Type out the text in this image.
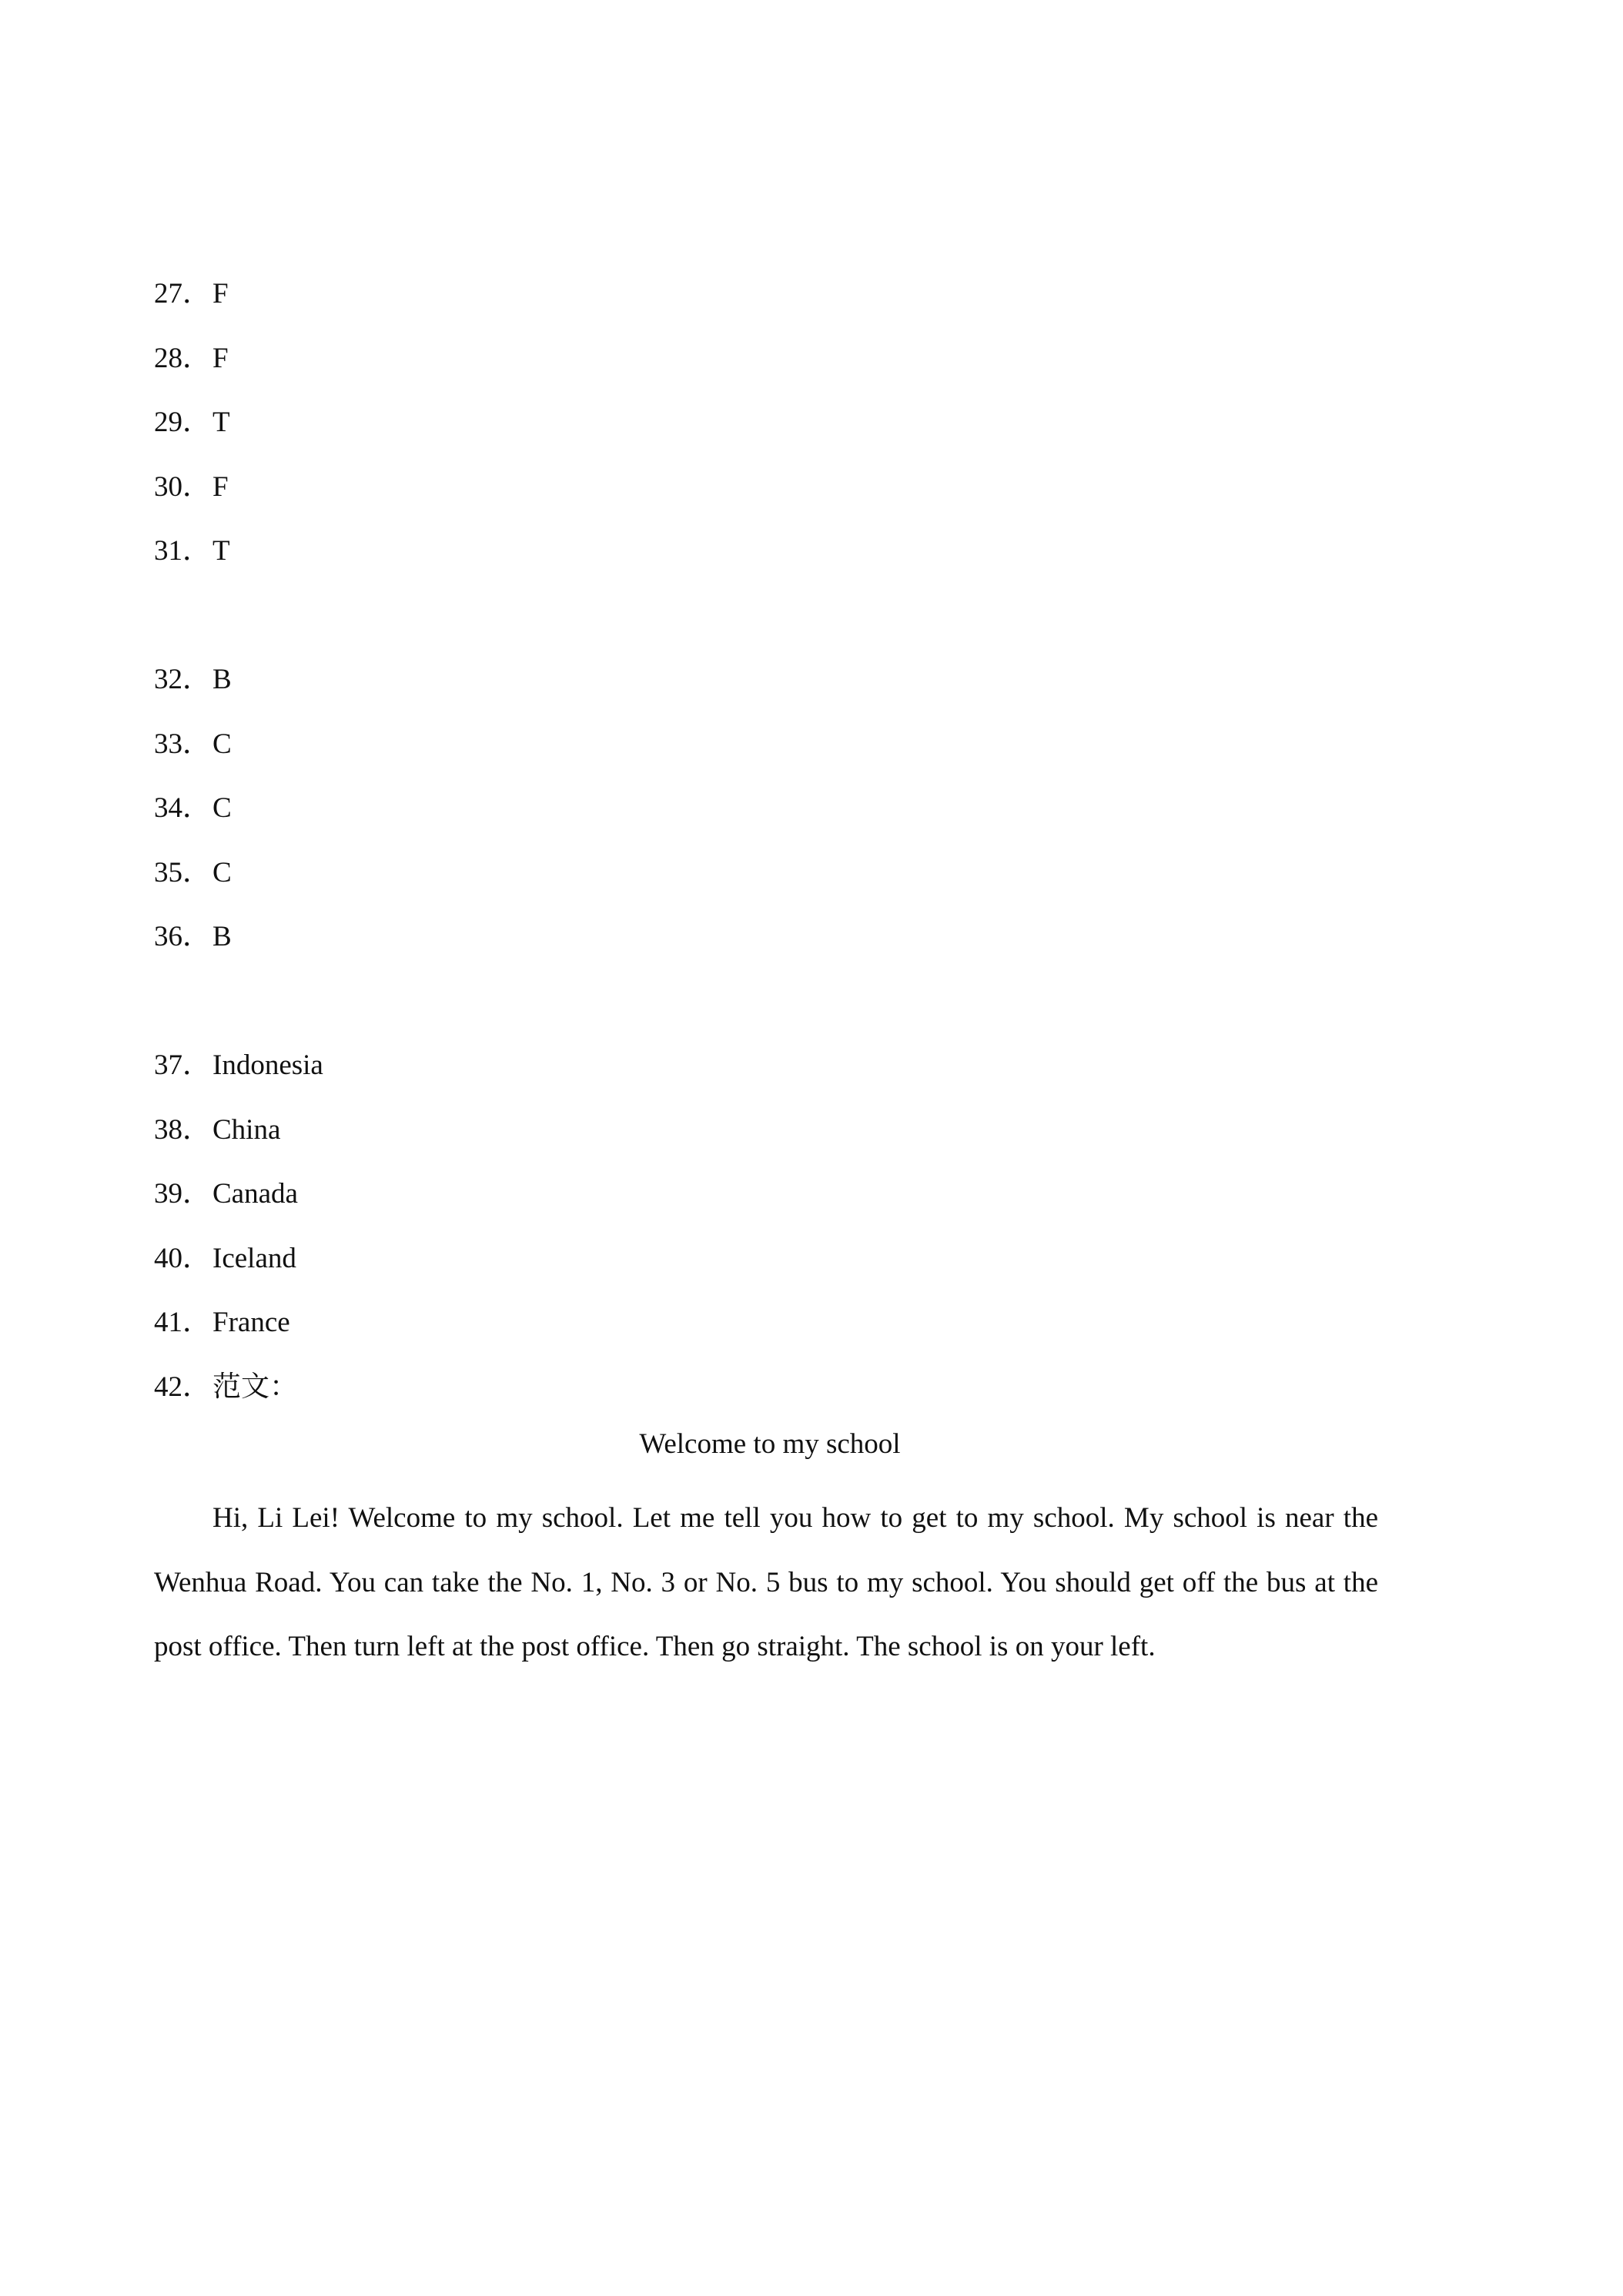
27．F
28．F
29．T
30．F
31．T
32．B
33．C
34．C
35．C
36．B
37．Indonesia
38．China
39．Canada
40．Iceland
41．France
42．范文：
Welcome to my school

Hi, Li Lei! Welcome to my school. Let me tell you how to get to my school. My school is near the Wenhua Road. You can take the No. 1, No. 3 or No. 5 bus to my school. You should get off the bus at the post office. Then turn left at the post office. Then go straight. The school is on your left.
